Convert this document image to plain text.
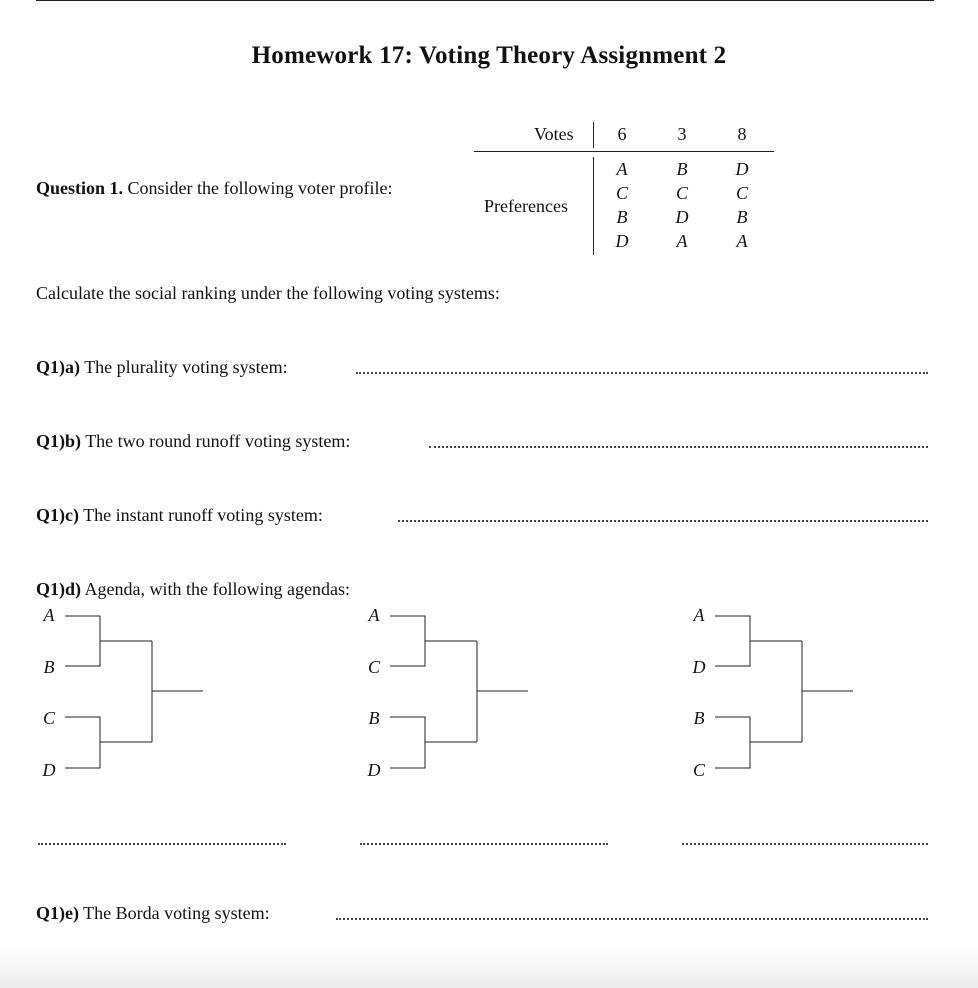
Homework 17: Voting Theory Assignment 2
Question 1. Consider the following voter profile:
Votes
Preferences
6
A
C
B
D
3
B
C
D
A
8
D
C
B
A
Calculate the social ranking under the following voting systems:
Q1)a) The plurality voting system:
Q1)b) The two round runoff voting system:
Q1)c) The instant runoff voting system:
Q1)d) Agenda, with the following agendas:
A
B
C
D
A
C
B
D
A
D
B
C
Q1)e) The Borda voting system:
